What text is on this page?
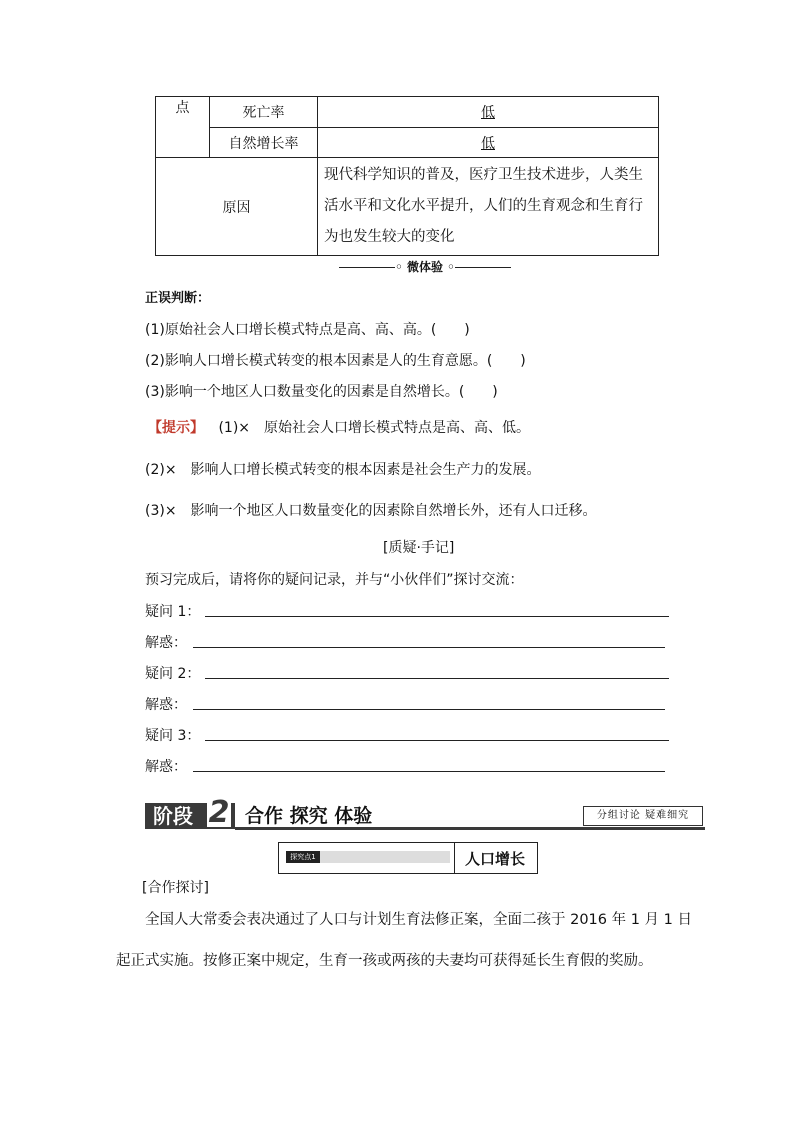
点	死亡率	低
	自然增长率	低
原因		现代科学知识的普及，医疗卫生技术进步，人类生活水平和文化水平提升，人们的生育观念和生育行为也发生较大的变化
◦ 微体验 ◦
正误判断：
(1)原始社会人口增长模式特点是高、高、高。(　　)
(2)影响人口增长模式转变的根本因素是人的生育意愿。(　　)
(3)影响一个地区人口数量变化的因素是自然增长。(　　)
【提示】 (1)×　原始社会人口增长模式特点是高、高、低。
(2)×　影响人口增长模式转变的根本因素是社会生产力的发展。
(3)×　影响一个地区人口数量变化的因素除自然增长外，还有人口迁移。
[质疑·手记]
预习完成后，请将你的疑问记录，并与“小伙伴们”探讨交流：
疑问 1：
解惑：
疑问 2：
解惑：
疑问 3：
解惑：
阶段 2 合作 探究 体验	分组讨论 疑难细究
探究点1	人口增长
[合作探讨]
全国人大常委会表决通过了人口与计划生育法修正案，全面二孩于 2016 年 1 月 1 日起正式实施。按修正案中规定，生育一孩或两孩的夫妻均可获得延长生育假的奖励。
